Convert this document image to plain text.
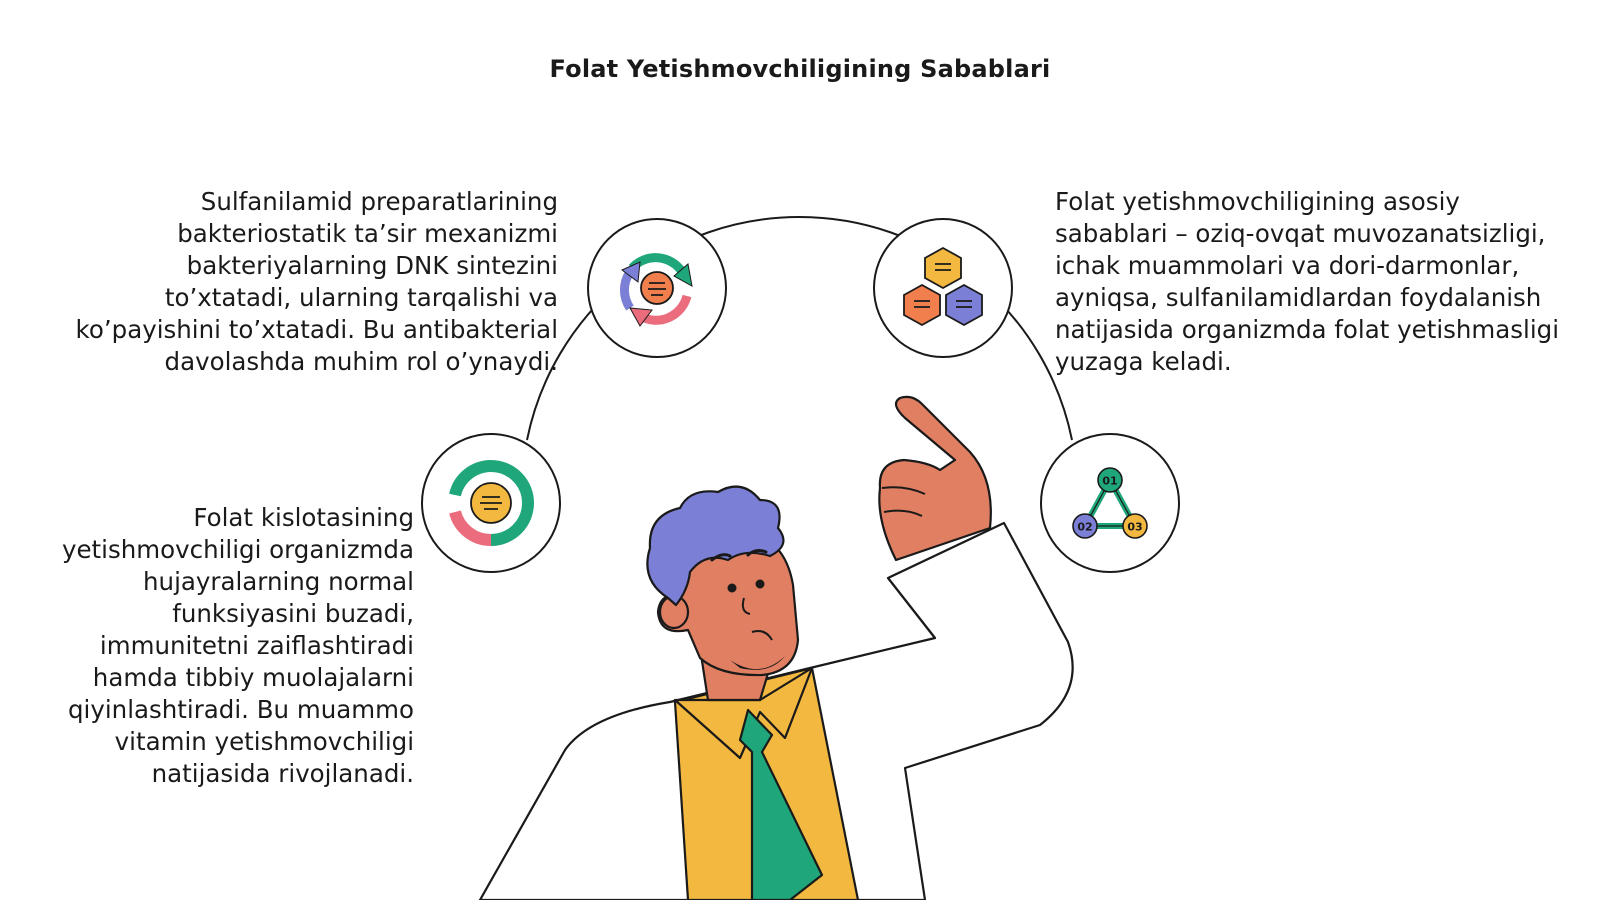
Folat Yetishmovchiligining Sabablari

Sulfanilamid preparatlarining bakteriostatik ta’sir mexanizmi bakteriyalarning DNK sintezini to’xtatadi, ularning tarqalishi va ko’payishini to’xtatadi. Bu antibakterial davolashda muhim rol o’ynaydi.

Folat kislotasining yetishmovchiligi organizmda hujayralarning normal funksiyasini buzadi, immunitetni zaiflashtiradi hamda tibbiy muolajalarni qiyinlashtiradi. Bu muammo vitamin yetishmovchiligi natijasida rivojlanadi.

Folat yetishmovchiligining asosiy sabablari – oziq-ovqat muvozanatsizligi, ichak muammolari va dori-darmonlar, ayniqsa, sulfanilamidlardan foydalanish natijasida organizmda folat yetishmasligi yuzaga keladi.

01
02	03
